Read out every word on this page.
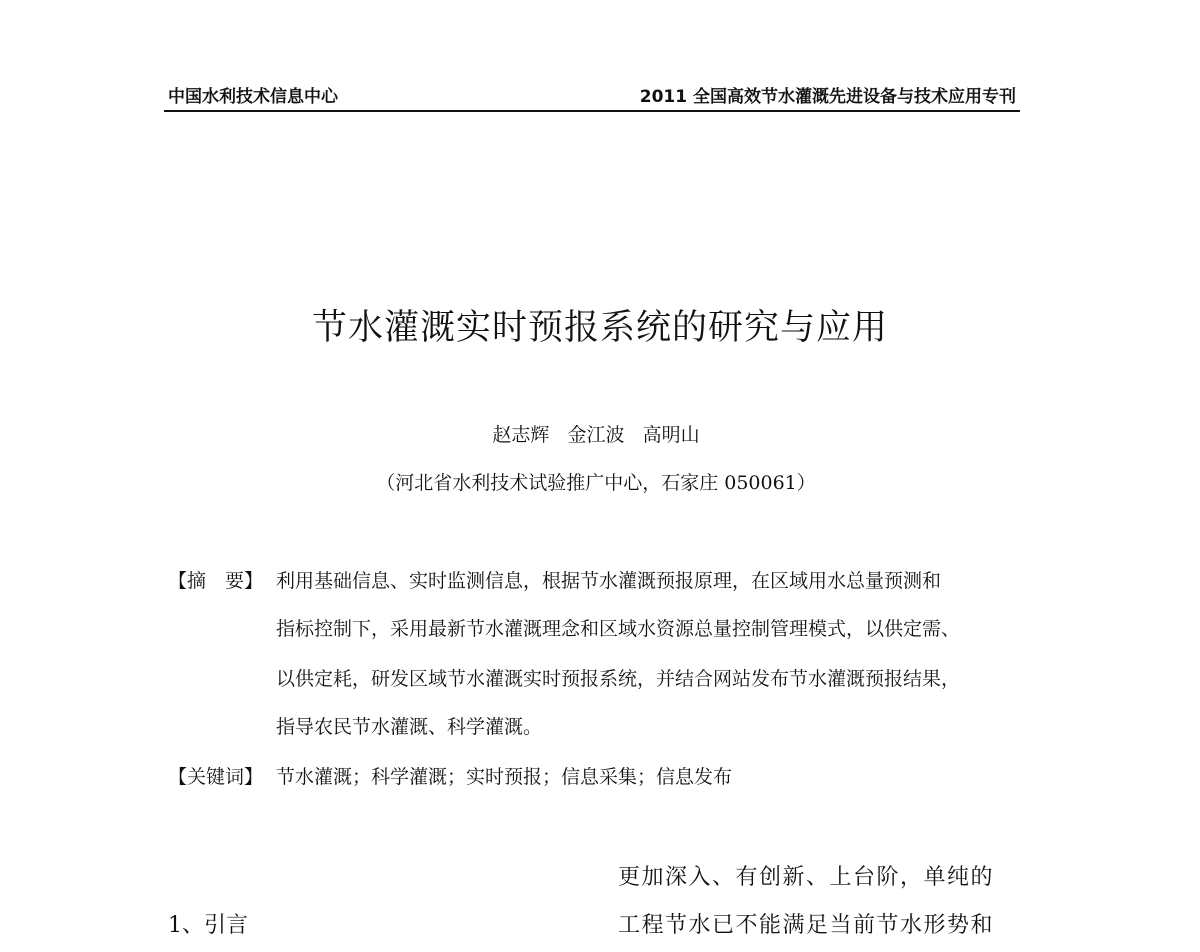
中国水利技术信息中心	2011 全国高效节水灌溉先进设备与技术应用专刊
节水灌溉实时预报系统的研究与应用
赵志辉   金江波   高明山
（河北省水利技术试验推广中心，石家庄 050061）
【摘　要】 利用基础信息、实时监测信息，根据节水灌溉预报原理，在区域用水总量预测和
指标控制下，采用最新节水灌溉理念和区域水资源总量控制管理模式，以供定需、
以供定耗，研发区域节水灌溉实时预报系统，并结合网站发布节水灌溉预报结果，
指导农民节水灌溉、科学灌溉。
【关键词】 节水灌溉；科学灌溉；实时预报；信息采集；信息发布
1、引言
更加深入、有创新、上台阶，单纯的
工程节水已不能满足当前节水形势和
